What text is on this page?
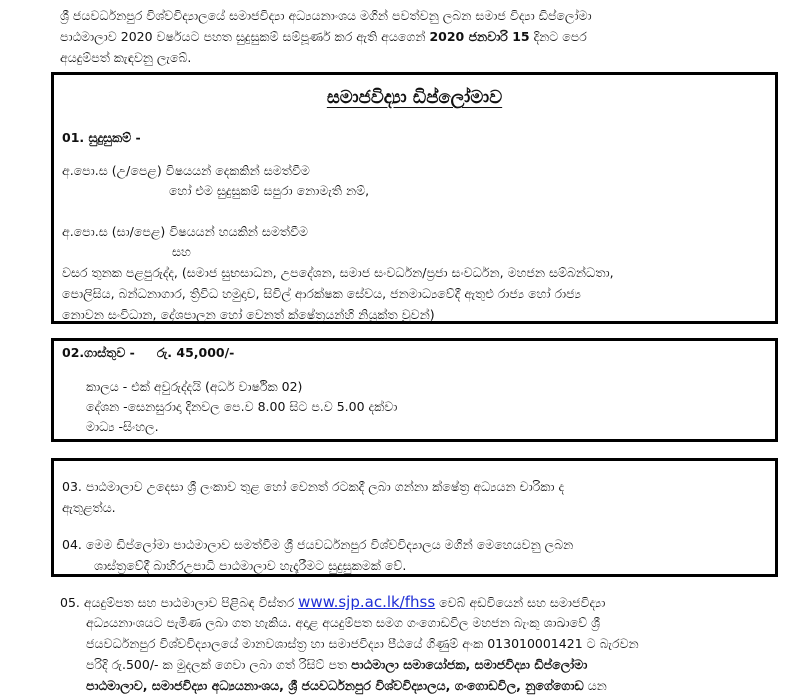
ශ්‍රී ජයවර්ධනපුර විශ්වවිද්‍යාලයේ සමාජවිද්‍යා අධ්‍යයනාංශය මගින් පවත්වනු ලබන සමාජ විද්‍යා ඩිප්ලෝමා
පාඨමාලාව 2020 වර්ෂයට පහත සුදුසුකම් සම්පූර්ණ කර ඇති අයගෙන් 2020 ජනවාරි 15 දිනට පෙර
අයදුම්පත් කැඳවනු ලැබේ.
සමාජවිද්‍යා ඩිප්ලෝමාව
01. සුදුසුකම් -
අ.පො.ස (උ/පෙළ) විෂයයන් දෙකකින් සමත්වීම
හෝ එම සුදුසුකම් සපුරා නොමැති නම්,
අ.පො.ස (සා/පෙළ) විෂයයන් හයකින් සමත්වීම
සහ
වසර තුනක පළපුරුද්ද, (සමාජ සුභසාධන, උපදේශන, සමාජ සංවර්ධන/ප්‍රජා සංවර්ධන, මහජන සම්බන්ධතා,
පොලිසිය, බන්ධනාගාර, ත්‍රිවිධ හමුදාව, සිවිල් ආරක්ෂක සේවය, ජනමාධ්‍යවේදී ඇතුළු රාජ්‍ය හෝ රාජ්‍ය
නොවන සංවිධාන, දේශපාලන හෝ වෙනත් ක්ෂේත්‍රයන්හි නියුක්ත වූවන්)
02.ගාස්තුව - රු. 45,000/-
කාලය - එක් අවුරුද්දයි (අර්ධ වාර්ෂික 02)
දේශන -සෙනසුරාදා දිනවල පෙ.ව 8.00 සිට ප.ව 5.00 දක්වා
මාධ්‍ය -සිංහල.
03. පාඨමාලාව උදෙසා ශ්‍රී ලංකාව තුළ හෝ වෙනත් රටකදී ලබා ගන්නා ක්ෂේත්‍ර අධ්‍යයන චාරිකා ද
ඇතුළත්ය.
04. මෙම ඩිප්ලෝමා පාඨමාලාව සමත්වීම ශ්‍රී ජයවර්ධනපුර විශ්වවිද්‍යාලය මගින් මෙහෙයවනු ලබන
ශාස්ත්‍රවේදී බාහිරඋපාධි පාඨමාලාව හැදෑරීමට සුදුසුකමක් වේ.
05. අයදුම්පත සහ පාඨමාලාව පිළිබඳ විස්තර www.sjp.ac.lk/fhss වෙබ් අඩවියෙන් සහ සමාජවිද්‍යා
අධ්‍යයනාංශයට පැමිණ ලබා ගත හැකිය. අදාළ අයදුම්පත සමග ගංගොඩවිල මහජන බැංකු ශාඛාවේ ශ්‍රී
ජයවර්ධනපුර විශ්වවිද්‍යාලයේ මානවශාස්ත්‍ර හා සමාජවිද්‍යා පීඨයේ ගිණුම් අංක 013010001421 ට බැරවන
පරිදි රු.500/- ක මුදලක් ගෙවා ලබා ගත් රිසිට් පත පාඨමාලා සමායෝජක, සමාජවිද්‍යා ඩිප්ලෝමා
පාඨමාලාව, සමාජවිද්‍යා අධ්‍යයනාංශය, ශ්‍රී ජයවර්ධනපුර විශ්වවිද්‍යාලය, ගංගොඩවිල, නුගේගොඩ යන
